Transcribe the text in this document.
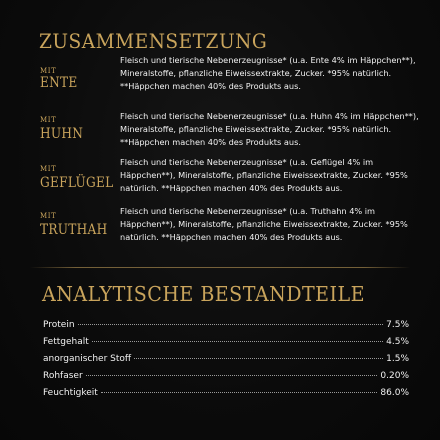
ZUSAMMENSETZUNG
MIT
ENTE
Fleisch und tierische Nebenerzeugnisse* (u.a. Ente 4% im Häppchen**), Mineralstoffe, pflanzliche Eiweissextrakte, Zucker. *95% natürlich. **Häppchen machen 40% des Produkts aus.
MIT
HUHN
Fleisch und tierische Nebenerzeugnisse* (u.a. Huhn 4% im Häppchen**), Mineralstoffe, pflanzliche Eiweissextrakte, Zucker. *95% natürlich. **Häppchen machen 40% des Produkts aus.
MIT
GEFLÜGEL
Fleisch und tierische Nebenerzeugnisse* (u.a. Geflügel 4% im Häppchen**), Mineralstoffe, pflanzliche Eiweissextrakte, Zucker. *95% natürlich. **Häppchen machen 40% des Produkts aus.
MIT
TRUTHAH
Fleisch und tierische Nebenerzeugnisse* (u.a. Truthahn 4% im Häppchen**), Mineralstoffe, pflanzliche Eiweissextrakte, Zucker. *95% natürlich. **Häppchen machen 40% des Produkts aus.
ANALYTISCHE BESTANDTEILE
Protein	7.5%
Fettgehalt	4.5%
anorganischer Stoff	1.5%
Rohfaser	0.20%
Feuchtigkeit	86.0%
